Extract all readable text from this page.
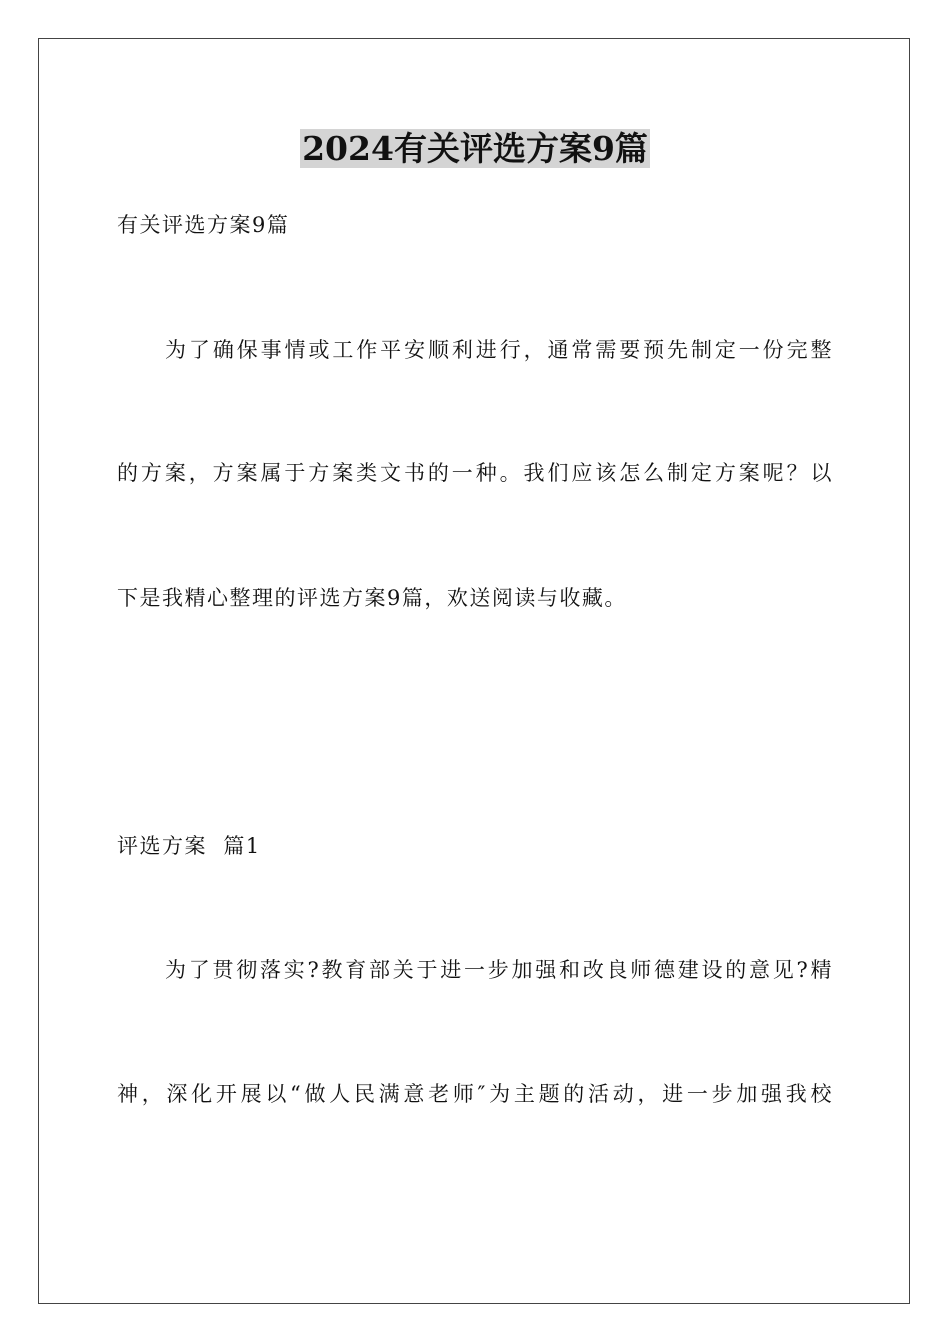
2024有关评选方案9篇
有关评选方案9篇
为了确保事情或工作平安顺利进行，通常需要预先制定一份完整
的方案，方案属于方案类文书的一种。我们应该怎么制定方案呢？以
下是我精心整理的评选方案9篇，欢送阅读与收藏。
评选方案  篇1
为了贯彻落实?教育部关于进一步加强和改良师德建设的意见?精
神，深化开展以“做人民满意老师″为主题的活动，进一步加强我校
